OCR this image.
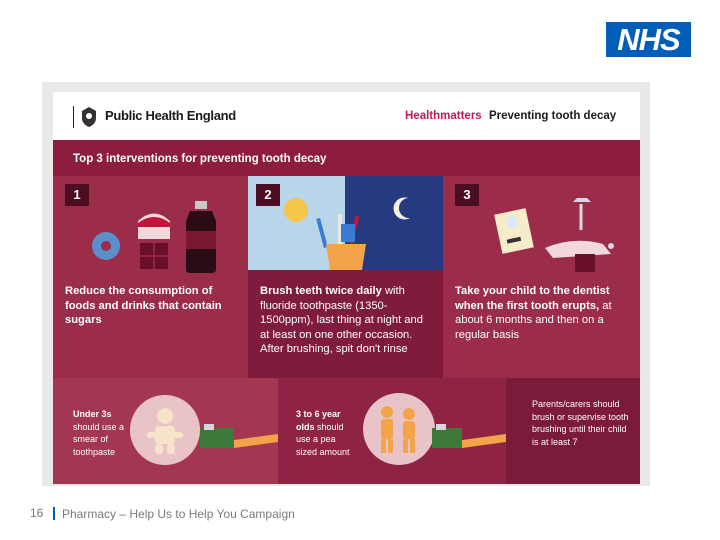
NHS
Public Health England	Healthmatters Preventing tooth decay
Top 3 interventions for preventing tooth decay
1
Reduce the consumption of foods and drinks that contain sugars
2
Brush teeth twice daily with fluoride toothpaste (1350-1500ppm), last thing at night and at least on one other occasion. After brushing, spit don't rinse
3
Take your child to the dentist when the first tooth erupts, at about 6 months and then on a regular basis
Under 3s should use a smear of toothpaste
3 to 6 year olds should use a pea sized amount
Parents/carers should brush or supervise tooth brushing until their child is at least 7
16 Pharmacy – Help Us to Help You Campaign
